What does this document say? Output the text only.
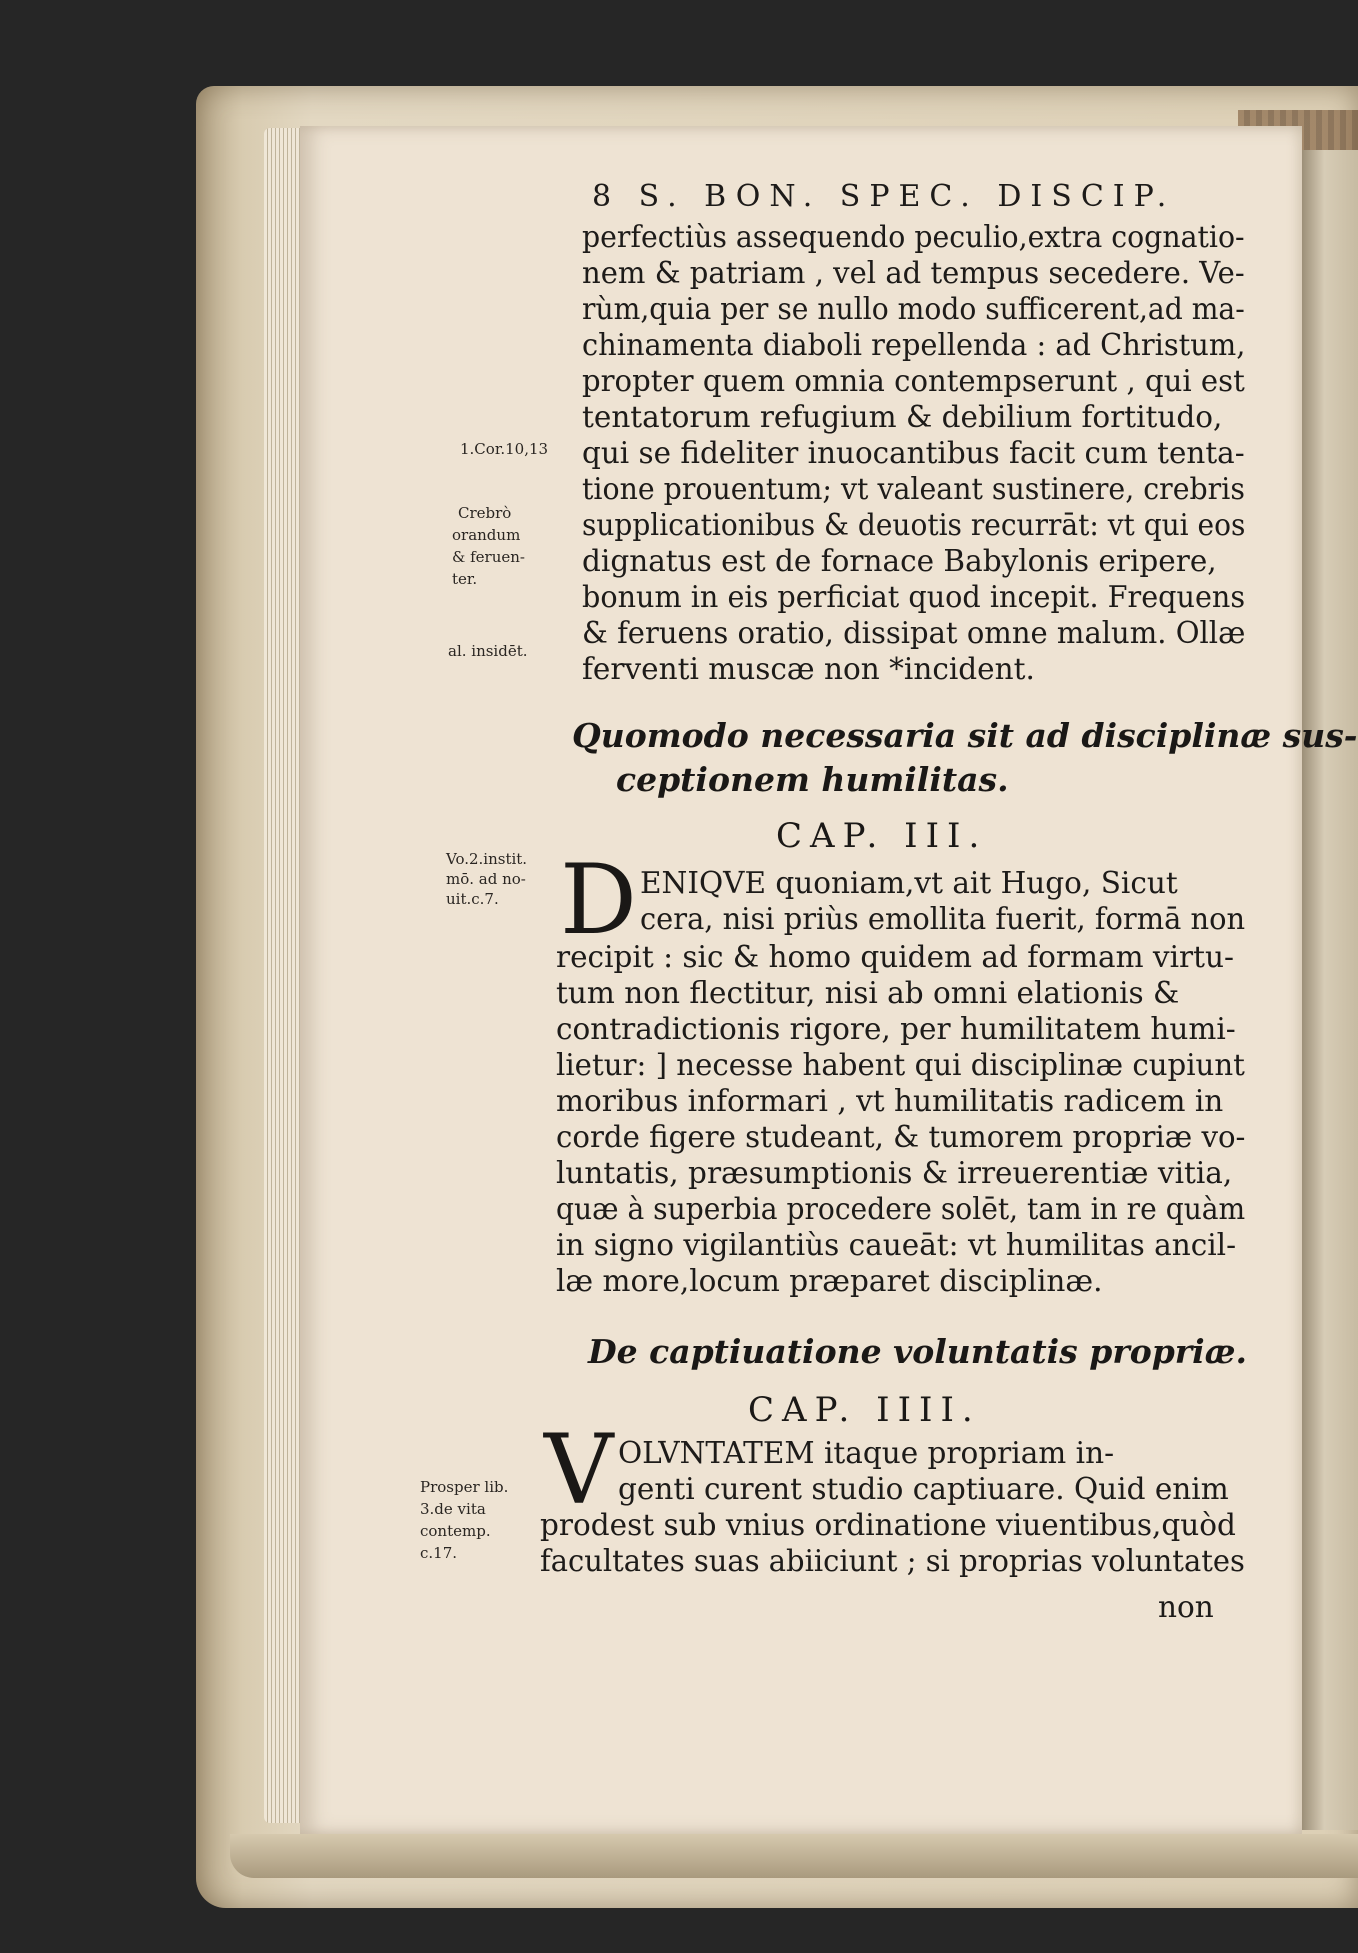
8 S. BON. SPEC. DISCIP.
perfectiùs assequendo peculio,extra cognatio-
nem & patriam , vel ad tempus secedere. Ve-
rùm,quia per se nullo modo sufficerent,ad ma-
chinamenta diaboli repellenda : ad Christum,
propter quem omnia contempserunt , qui est
tentatorum refugium & debilium fortitudo,
qui se fideliter inuocantibus facit cum tenta-
tione prouentum; vt valeant sustinere, crebris
supplicationibus & deuotis recurrāt: vt qui eos
dignatus est de fornace Babylonis eripere,
bonum in eis perficiat quod incepit. Frequens
& feruens oratio, dissipat omne malum. Ollæ
ferventi muscæ non *incident.
1.Cor.10,13
Crebrò
orandum
& feruen-
ter.
al. insidēt.
Quomodo necessaria sit ad disciplinæ sus-
ceptionem humilitas.
CAP. III.
D ENIQVE quoniam,vt ait Hugo, Sicut
cera, nisi priùs emollita fuerit, formā non
recipit : sic & homo quidem ad formam virtu-
tum non flectitur, nisi ab omni elationis &
contradictionis rigore, per humilitatem humi-
lietur: ] necesse habent qui disciplinæ cupiunt
moribus informari , vt humilitatis radicem in
corde figere studeant, & tumorem propriæ vo-
luntatis, præsumptionis & irreuerentiæ vitia,
quæ à superbia procedere solēt, tam in re quàm
in signo vigilantiùs caueāt: vt humilitas ancil-
læ more,locum præparet disciplinæ.
Vo.2.instit.
mō. ad no-
uit.c.7.
De captiuatione voluntatis propriæ.
CAP. IIII.
V OLVNTATEM itaque propriam in-
genti curent studio captiuare. Quid enim
prodest sub vnius ordinatione viuentibus,quòd
facultates suas abiiciunt ; si proprias voluntates
non
Prosper lib.
3.de vita
contemp.
c.17.
